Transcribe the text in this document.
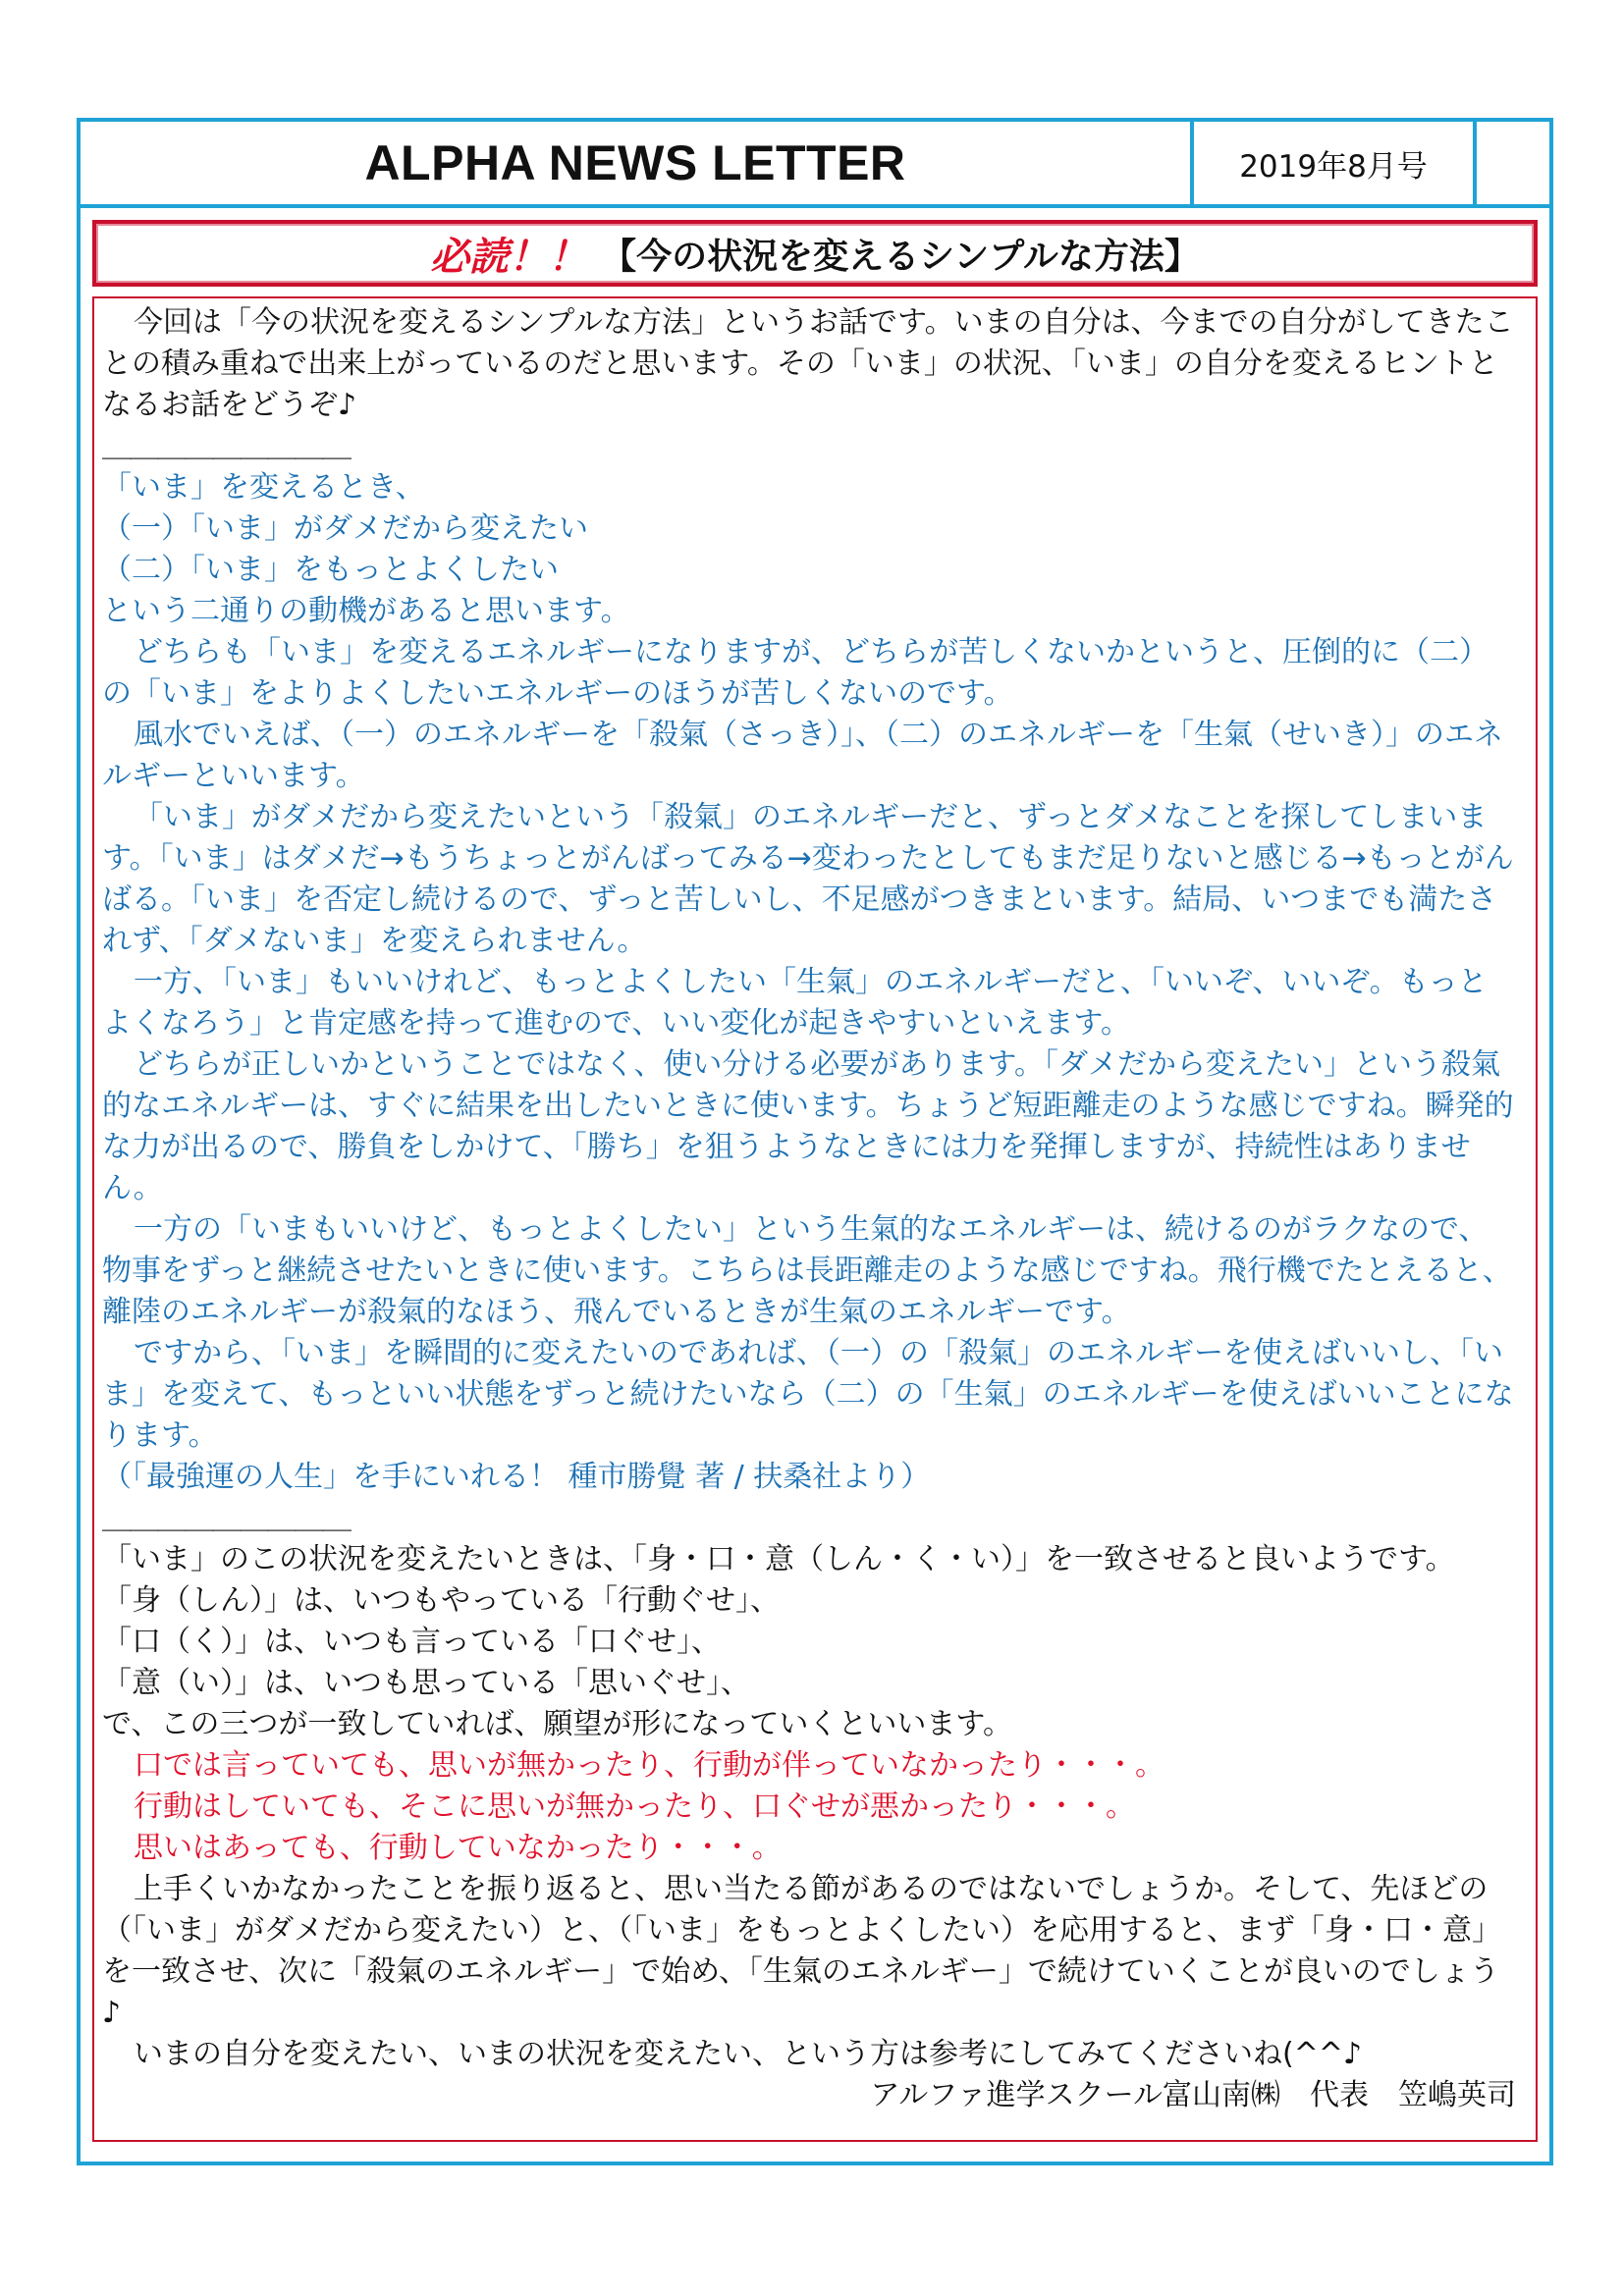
ALPHA NEWS LETTER	2019年8月号
必読！！ 【今の状況を変えるシンプルな方法】

今回は「今の状況を変えるシンプルな方法」というお話です。いまの自分は、今までの自分がしてきたことの積み重ねで出来上がっているのだと思います。その「いま」の状況、「いま」の自分を変えるヒントとなるお話をどうぞ♪

＿＿＿＿＿＿＿＿＿

「いま」を変えるとき、

（一）「いま」がダメだから変えたい

（二）「いま」をもっとよくしたい

という二通りの動機があると思います。

どちらも「いま」を変えるエネルギーになりますが、どちらが苦しくないかというと、圧倒的に（二）の「いま」をよりよくしたいエネルギーのほうが苦しくないのです。

風水でいえば、（一）のエネルギーを「殺氣（さっき）」、（二）のエネルギーを「生氣（せいき）」のエネルギーといいます。

「いま」がダメだから変えたいという「殺氣」のエネルギーだと、ずっとダメなことを探してしまいます。「いま」はダメだ→もうちょっとがんばってみる→変わったとしてもまだ足りないと感じる→もっとがんばる。「いま」を否定し続けるので、ずっと苦しいし、不足感がつきまといます。結局、いつまでも満たされず、「ダメないま」を変えられません。

一方、「いま」もいいけれど、もっとよくしたい「生氣」のエネルギーだと、「いいぞ、いいぞ。もっとよくなろう」と肯定感を持って進むので、いい変化が起きやすいといえます。

どちらが正しいかということではなく、使い分ける必要があります。「ダメだから変えたい」という殺氣的なエネルギーは、すぐに結果を出したいときに使います。ちょうど短距離走のような感じですね。瞬発的な力が出るので、勝負をしかけて、「勝ち」を狙うようなときには力を発揮しますが、持続性はありません。

一方の「いまもいいけど、もっとよくしたい」という生氣的なエネルギーは、続けるのがラクなので、物事をずっと継続させたいときに使います。こちらは長距離走のような感じですね。飛行機でたとえると、離陸のエネルギーが殺氣的なほう、飛んでいるときが生氣のエネルギーです。

ですから、「いま」を瞬間的に変えたいのであれば、（一）の「殺氣」のエネルギーを使えばいいし、「いま」を変えて、もっといい状態をずっと続けたいなら（二）の「生氣」のエネルギーを使えばいいことになります。

（「最強運の人生」を手にいれる！ 種市勝覺 著 / 扶桑社より）

＿＿＿＿＿＿＿＿＿

「いま」のこの状況を変えたいときは、「身・口・意（しん・く・い）」を一致させると良いようです。

「身（しん）」は、いつもやっている「行動ぐせ」、

「口（く）」は、いつも言っている「口ぐせ」、

「意（い）」は、いつも思っている「思いぐせ」、

で、この三つが一致していれば、願望が形になっていくといいます。

口では言っていても、思いが無かったり、行動が伴っていなかったり・・・。

行動はしていても、そこに思いが無かったり、口ぐせが悪かったり・・・。

思いはあっても、行動していなかったり・・・。

上手くいかなかったことを振り返ると、思い当たる節があるのではないでしょうか。そして、先ほどの（「いま」がダメだから変えたい）と、（「いま」をもっとよくしたい）を応用すると、まず「身・口・意」を一致させ、次に「殺氣のエネルギー」で始め、「生氣のエネルギー」で続けていくことが良いのでしょう♪

いまの自分を変えたい、いまの状況を変えたい、という方は参考にしてみてくださいね(^^♪

アルファ進学スクール富山南㈱　代表　笠嶋英司
